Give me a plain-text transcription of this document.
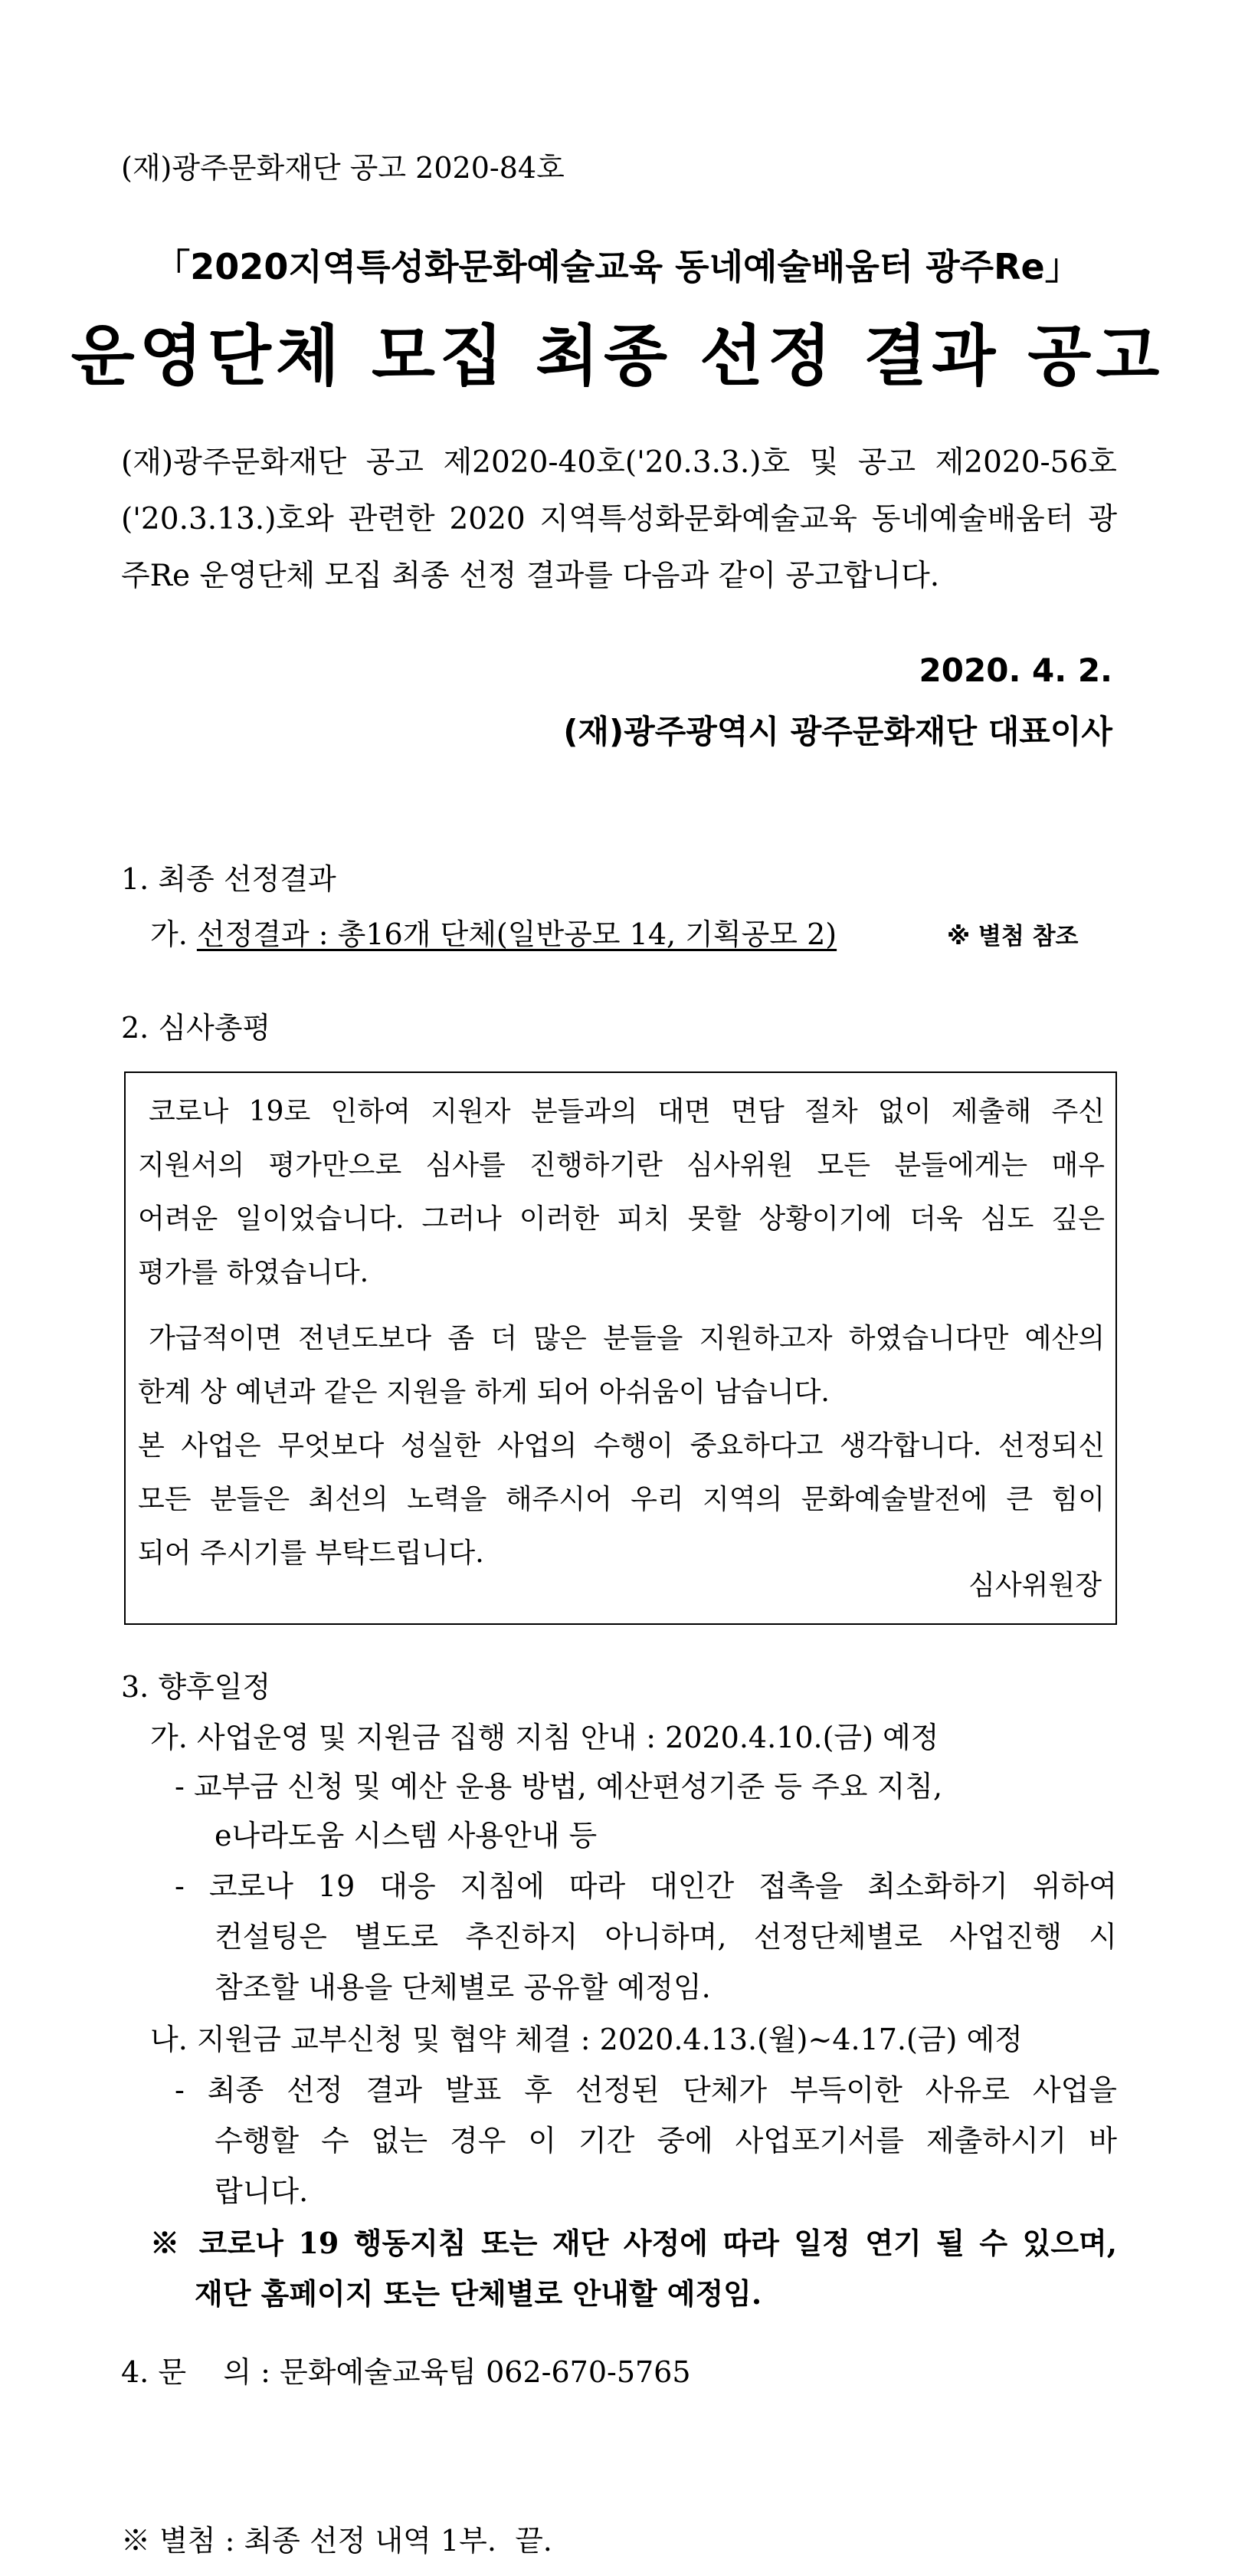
(재)광주문화재단 공고 2020-84호
「2020지역특성화문화예술교육 동네예술배움터 광주Re」
운영단체 모집 최종 선정 결과 공고
(재)광주문화재단 공고 제2020-40호('20.3.3.)호 및 공고 제2020-56호
('20.3.13.)호와 관련한 2020 지역특성화문화예술교육 동네예술배움터 광
주Re 운영단체 모집 최종 선정 결과를 다음과 같이 공고합니다.
2020. 4. 2.
(재)광주광역시 광주문화재단 대표이사
1. 최종 선정결과
가. 선정결과 : 총16개 단체(일반공모 14, 기획공모 2)	※ 별첨 참조
2. 심사총평
코로나 19로 인하여 지원자 분들과의 대면 면담 절차 없이 제출해 주신
지원서의 평가만으로 심사를 진행하기란 심사위원 모든 분들에게는 매우
어려운 일이었습니다. 그러나 이러한 피치 못할 상황이기에 더욱 심도 깊은
평가를 하였습니다.
가급적이면 전년도보다 좀 더 많은 분들을 지원하고자 하였습니다만 예산의
한계 상 예년과 같은 지원을 하게 되어 아쉬움이 남습니다.
본 사업은 무엇보다 성실한 사업의 수행이 중요하다고 생각합니다. 선정되신
모든 분들은 최선의 노력을 해주시어 우리 지역의 문화예술발전에 큰 힘이
되어 주시기를 부탁드립니다.
심사위원장
3. 향후일정
가. 사업운영 및 지원금 집행 지침 안내 : 2020.4.10.(금) 예정
- 교부금 신청 및 예산 운용 방법, 예산편성기준 등 주요 지침,
e나라도움 시스템 사용안내 등
- 코로나 19 대응 지침에 따라 대인간 접촉을 최소화하기 위하여
컨설팅은 별도로 추진하지 아니하며, 선정단체별로 사업진행 시
참조할 내용을 단체별로 공유할 예정임.
나. 지원금 교부신청 및 협약 체결 : 2020.4.13.(월)~4.17.(금) 예정
- 최종 선정 결과 발표 후 선정된 단체가 부득이한 사유로 사업을
수행할 수 없는 경우 이 기간 중에 사업포기서를 제출하시기 바
랍니다.
※ 코로나 19 행동지침 또는 재단 사정에 따라 일정 연기 될 수 있으며,
재단 홈페이지 또는 단체별로 안내할 예정임.
4. 문    의 : 문화예술교육팀 062-670-5765
※ 별첨 : 최종 선정 내역 1부.  끝.
